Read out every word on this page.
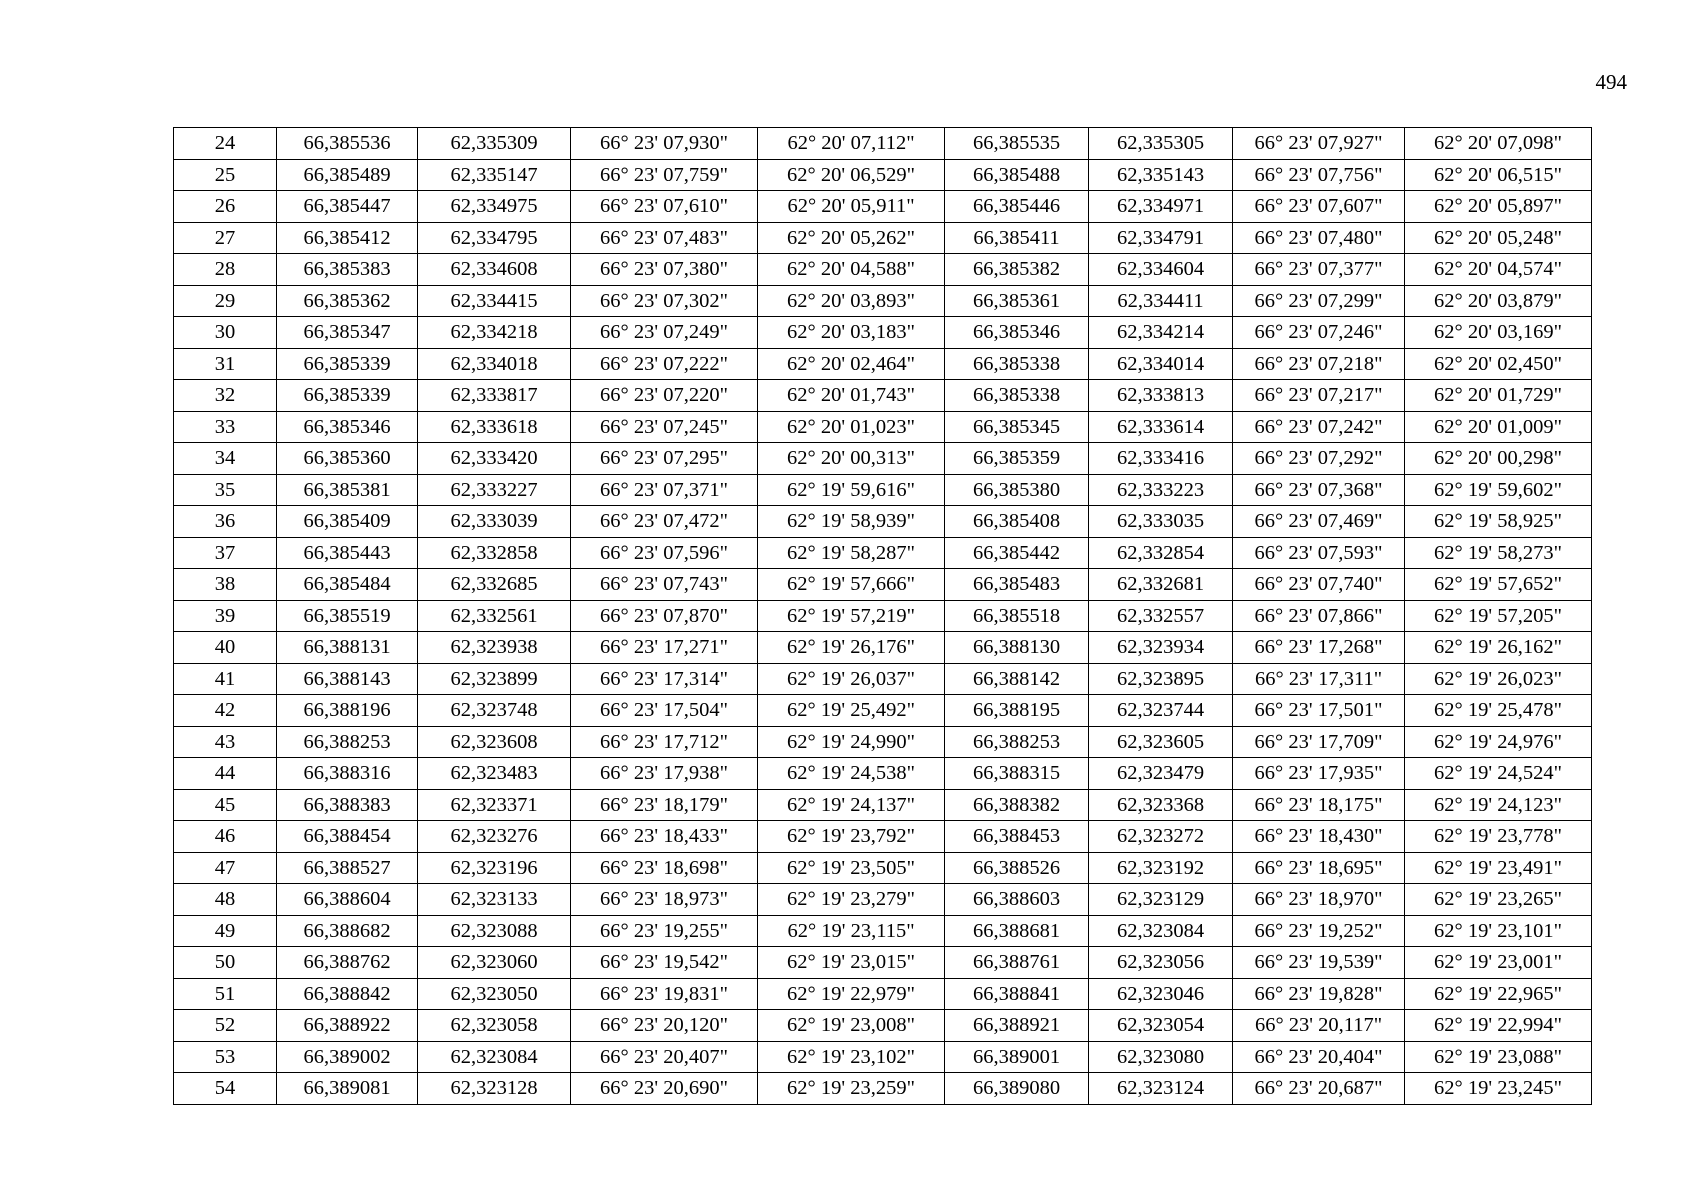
494
24	66,385536	62,335309	66° 23' 07,930"	62° 20' 07,112"	66,385535	62,335305	66° 23' 07,927"	62° 20' 07,098"
25	66,385489	62,335147	66° 23' 07,759"	62° 20' 06,529"	66,385488	62,335143	66° 23' 07,756"	62° 20' 06,515"
26	66,385447	62,334975	66° 23' 07,610"	62° 20' 05,911"	66,385446	62,334971	66° 23' 07,607"	62° 20' 05,897"
27	66,385412	62,334795	66° 23' 07,483"	62° 20' 05,262"	66,385411	62,334791	66° 23' 07,480"	62° 20' 05,248"
28	66,385383	62,334608	66° 23' 07,380"	62° 20' 04,588"	66,385382	62,334604	66° 23' 07,377"	62° 20' 04,574"
29	66,385362	62,334415	66° 23' 07,302"	62° 20' 03,893"	66,385361	62,334411	66° 23' 07,299"	62° 20' 03,879"
30	66,385347	62,334218	66° 23' 07,249"	62° 20' 03,183"	66,385346	62,334214	66° 23' 07,246"	62° 20' 03,169"
31	66,385339	62,334018	66° 23' 07,222"	62° 20' 02,464"	66,385338	62,334014	66° 23' 07,218"	62° 20' 02,450"
32	66,385339	62,333817	66° 23' 07,220"	62° 20' 01,743"	66,385338	62,333813	66° 23' 07,217"	62° 20' 01,729"
33	66,385346	62,333618	66° 23' 07,245"	62° 20' 01,023"	66,385345	62,333614	66° 23' 07,242"	62° 20' 01,009"
34	66,385360	62,333420	66° 23' 07,295"	62° 20' 00,313"	66,385359	62,333416	66° 23' 07,292"	62° 20' 00,298"
35	66,385381	62,333227	66° 23' 07,371"	62° 19' 59,616"	66,385380	62,333223	66° 23' 07,368"	62° 19' 59,602"
36	66,385409	62,333039	66° 23' 07,472"	62° 19' 58,939"	66,385408	62,333035	66° 23' 07,469"	62° 19' 58,925"
37	66,385443	62,332858	66° 23' 07,596"	62° 19' 58,287"	66,385442	62,332854	66° 23' 07,593"	62° 19' 58,273"
38	66,385484	62,332685	66° 23' 07,743"	62° 19' 57,666"	66,385483	62,332681	66° 23' 07,740"	62° 19' 57,652"
39	66,385519	62,332561	66° 23' 07,870"	62° 19' 57,219"	66,385518	62,332557	66° 23' 07,866"	62° 19' 57,205"
40	66,388131	62,323938	66° 23' 17,271"	62° 19' 26,176"	66,388130	62,323934	66° 23' 17,268"	62° 19' 26,162"
41	66,388143	62,323899	66° 23' 17,314"	62° 19' 26,037"	66,388142	62,323895	66° 23' 17,311"	62° 19' 26,023"
42	66,388196	62,323748	66° 23' 17,504"	62° 19' 25,492"	66,388195	62,323744	66° 23' 17,501"	62° 19' 25,478"
43	66,388253	62,323608	66° 23' 17,712"	62° 19' 24,990"	66,388253	62,323605	66° 23' 17,709"	62° 19' 24,976"
44	66,388316	62,323483	66° 23' 17,938"	62° 19' 24,538"	66,388315	62,323479	66° 23' 17,935"	62° 19' 24,524"
45	66,388383	62,323371	66° 23' 18,179"	62° 19' 24,137"	66,388382	62,323368	66° 23' 18,175"	62° 19' 24,123"
46	66,388454	62,323276	66° 23' 18,433"	62° 19' 23,792"	66,388453	62,323272	66° 23' 18,430"	62° 19' 23,778"
47	66,388527	62,323196	66° 23' 18,698"	62° 19' 23,505"	66,388526	62,323192	66° 23' 18,695"	62° 19' 23,491"
48	66,388604	62,323133	66° 23' 18,973"	62° 19' 23,279"	66,388603	62,323129	66° 23' 18,970"	62° 19' 23,265"
49	66,388682	62,323088	66° 23' 19,255"	62° 19' 23,115"	66,388681	62,323084	66° 23' 19,252"	62° 19' 23,101"
50	66,388762	62,323060	66° 23' 19,542"	62° 19' 23,015"	66,388761	62,323056	66° 23' 19,539"	62° 19' 23,001"
51	66,388842	62,323050	66° 23' 19,831"	62° 19' 22,979"	66,388841	62,323046	66° 23' 19,828"	62° 19' 22,965"
52	66,388922	62,323058	66° 23' 20,120"	62° 19' 23,008"	66,388921	62,323054	66° 23' 20,117"	62° 19' 22,994"
53	66,389002	62,323084	66° 23' 20,407"	62° 19' 23,102"	66,389001	62,323080	66° 23' 20,404"	62° 19' 23,088"
54	66,389081	62,323128	66° 23' 20,690"	62° 19' 23,259"	66,389080	62,323124	66° 23' 20,687"	62° 19' 23,245"
